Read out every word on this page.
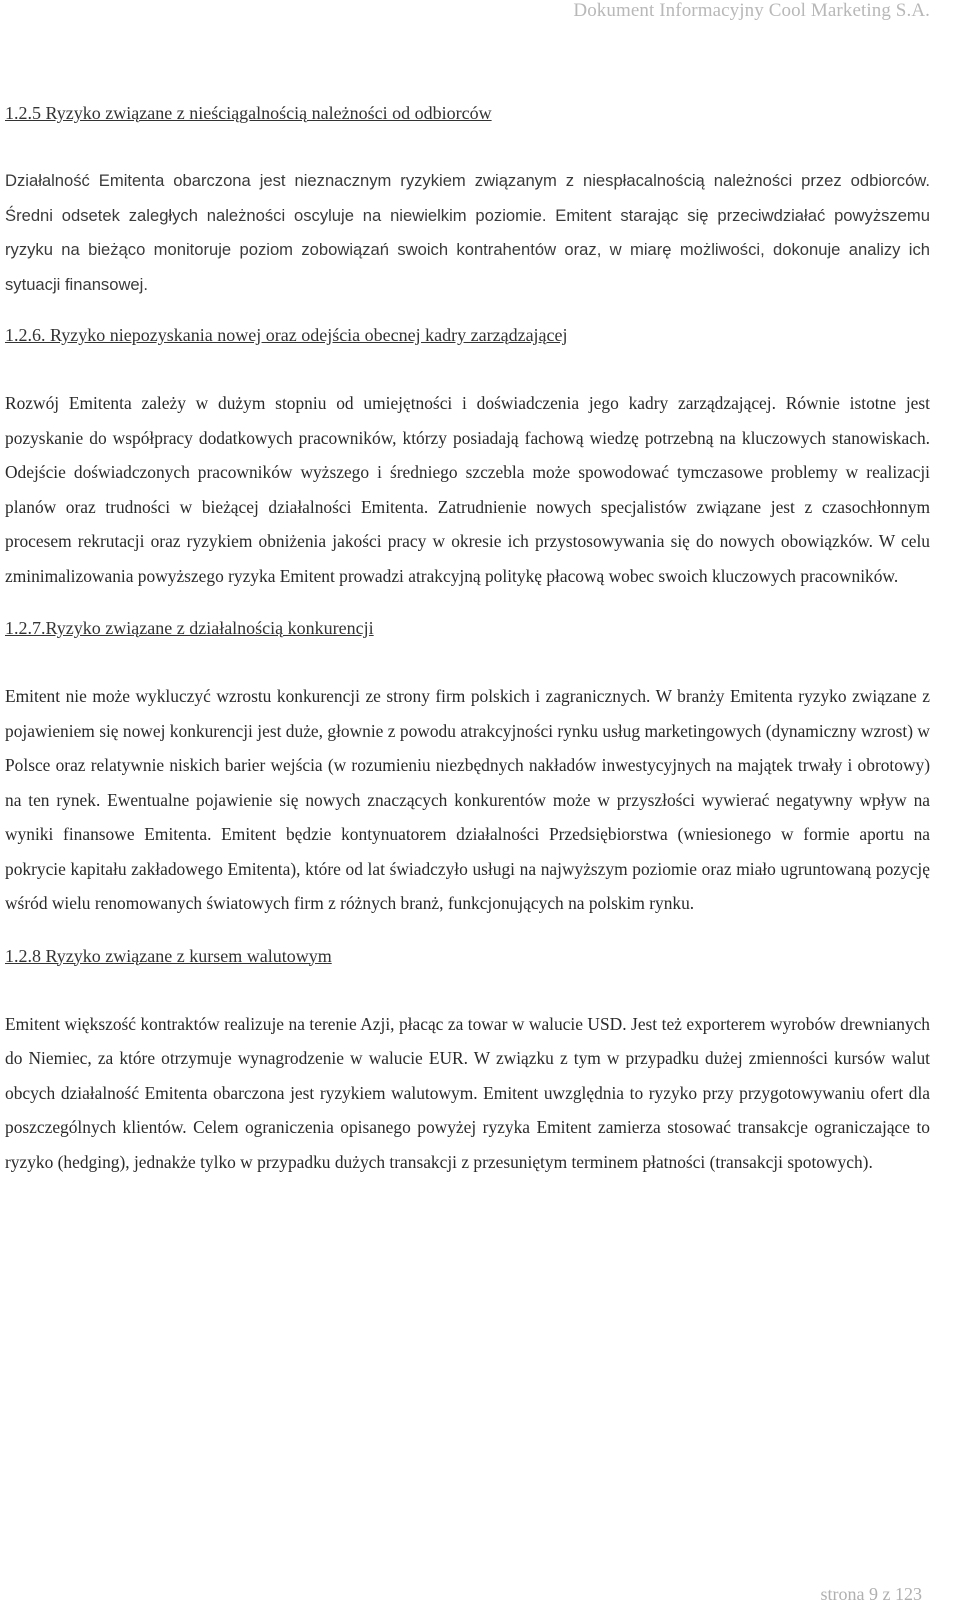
Dokument Informacyjny Cool Marketing S.A.
1.2.5 Ryzyko związane z nieściągalnością należności od odbiorców

Działalność Emitenta obarczona jest nieznacznym ryzykiem związanym z niespłacalnością należności przez odbiorców. Średni odsetek zaległych należności oscyluje na niewielkim poziomie. Emitent starając się przeciwdziałać powyższemu ryzyku na bieżąco monitoruje poziom zobowiązań swoich kontrahentów oraz, w miarę możliwości, dokonuje analizy ich sytuacji finansowej.

1.2.6. Ryzyko niepozyskania nowej oraz odejścia obecnej kadry zarządzającej

Rozwój Emitenta zależy w dużym stopniu od umiejętności i doświadczenia jego kadry zarządzającej. Równie istotne jest pozyskanie do współpracy dodatkowych pracowników, którzy posiadają fachową wiedzę potrzebną na kluczowych stanowiskach. Odejście doświadczonych pracowników wyższego i średniego szczebla może spowodować tymczasowe problemy w realizacji planów oraz trudności w bieżącej działalności Emitenta. Zatrudnienie nowych specjalistów związane jest z czasochłonnym procesem rekrutacji oraz ryzykiem obniżenia jakości pracy w okresie ich przystosowywania się do nowych obowiązków. W celu zminimalizowania powyższego ryzyka Emitent prowadzi atrakcyjną politykę płacową wobec swoich kluczowych pracowników.

1.2.7.Ryzyko związane z działalnością konkurencji

Emitent nie może wykluczyć wzrostu konkurencji ze strony firm polskich i zagranicznych. W branży Emitenta ryzyko związane z pojawieniem się nowej konkurencji jest duże, głownie z powodu atrakcyjności rynku usług marketingowych (dynamiczny wzrost) w Polsce oraz relatywnie niskich barier wejścia (w rozumieniu niezbędnych nakładów inwestycyjnych na majątek trwały i obrotowy) na ten rynek. Ewentualne pojawienie się nowych znaczących konkurentów może w przyszłości wywierać negatywny wpływ na wyniki finansowe Emitenta. Emitent będzie kontynuatorem działalności Przedsiębiorstwa (wniesionego w formie aportu na pokrycie kapitału zakładowego Emitenta), które od lat świadczyło usługi na najwyższym poziomie oraz miało ugruntowaną pozycję wśród wielu renomowanych światowych firm z różnych branż, funkcjonujących na polskim rynku.

1.2.8 Ryzyko związane z kursem walutowym

Emitent większość kontraktów realizuje na terenie Azji, płacąc za towar w walucie USD. Jest też exporterem wyrobów drewnianych do Niemiec, za które otrzymuje wynagrodzenie w walucie EUR. W związku z tym w przypadku dużej zmienności kursów walut obcych działalność Emitenta obarczona jest ryzykiem walutowym. Emitent uwzględnia to ryzyko przy przygotowywaniu ofert dla poszczególnych klientów. Celem ograniczenia opisanego powyżej ryzyka Emitent zamierza stosować transakcje ograniczające to ryzyko (hedging), jednakże tylko w przypadku dużych transakcji z przesuniętym terminem płatności (transakcji spotowych).

strona 9 z 123
